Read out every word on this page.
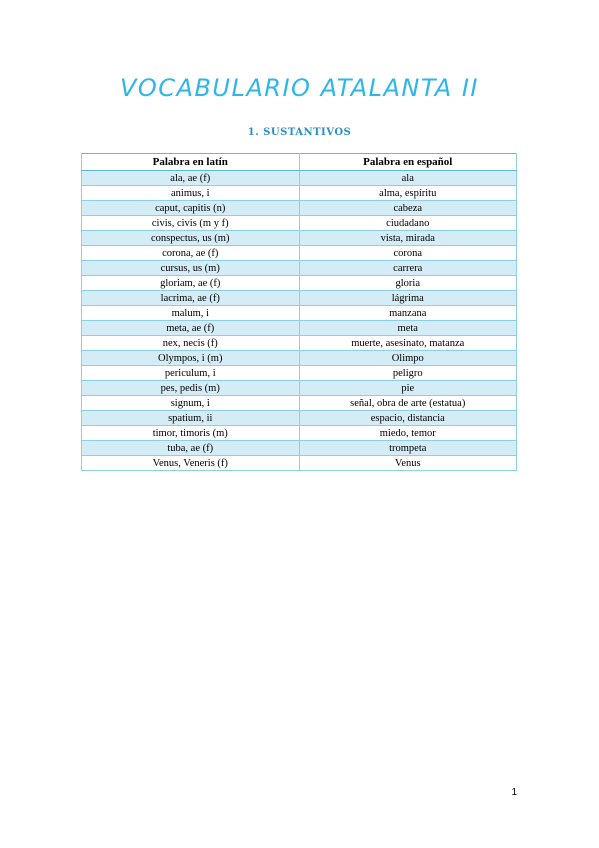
VOCABULARIO ATALANTA II
1. SUSTANTIVOS
Palabra en latín	Palabra en español
ala, ae (f)	ala
animus, i	alma, espíritu
caput, capitis (n)	cabeza
civis, civis (m y f)	ciudadano
conspectus, us (m)	vista, mirada
corona, ae (f)	corona
cursus, us (m)	carrera
gloriam, ae (f)	gloria
lacrima, ae (f)	lágrima
malum, i	manzana
meta, ae (f)	meta
nex, necis (f)	muerte, asesinato, matanza
Olympos, i (m)	Olimpo
periculum, i	peligro
pes, pedis (m)	pie
signum, i	señal, obra de arte (estatua)
spatium, ii	espacio, distancia
timor, timoris (m)	miedo, temor
tuba, ae (f)	trompeta
Venus, Veneris (f)	Venus
1
